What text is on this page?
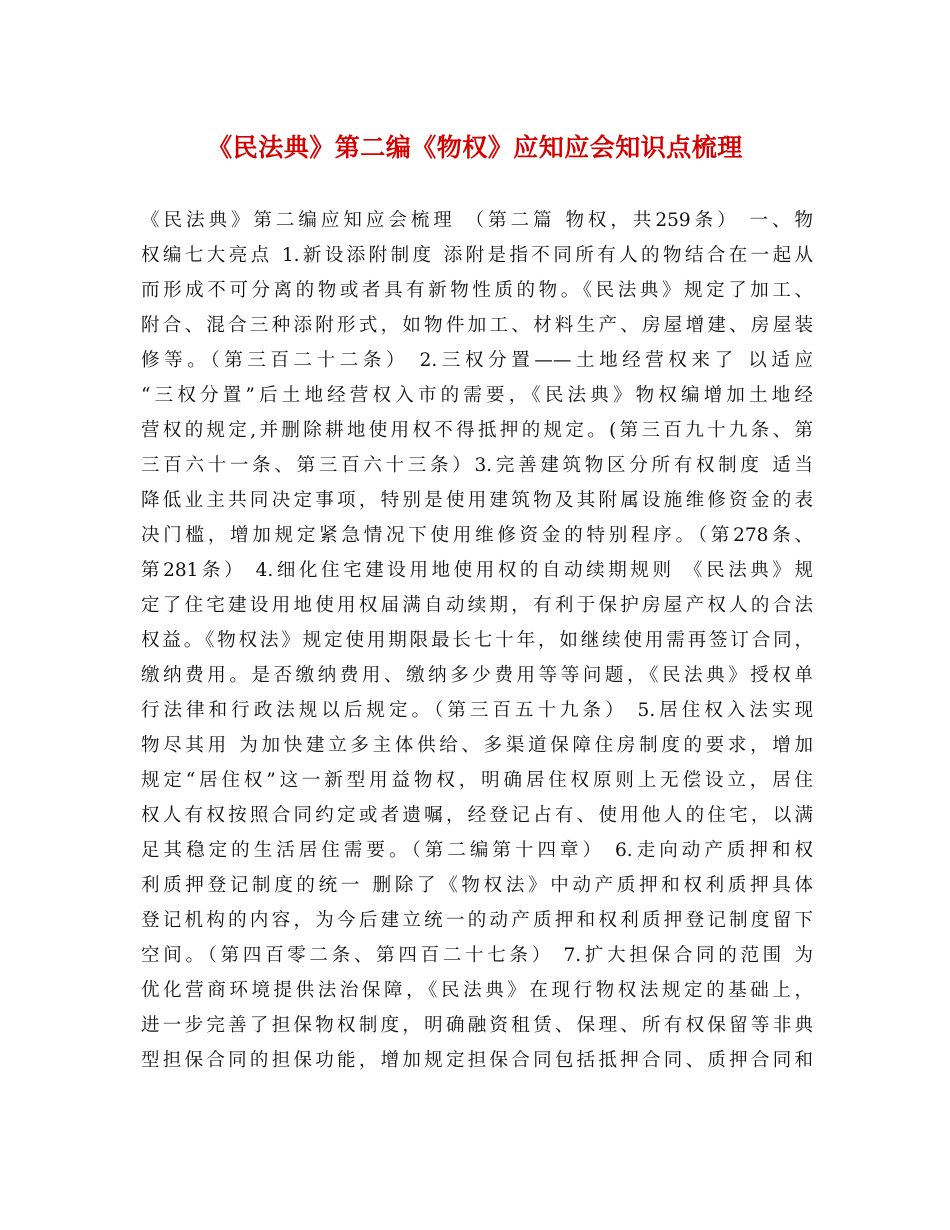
《民法典》第二编《物权》应知应会知识点梳理
《民法典》第二编应知应会梳理 （第二篇 物权，共259条） 一、物
权编七大亮点 1.新设添附制度 添附是指不同所有人的物结合在一起从
而形成不可分离的物或者具有新物性质的物。《民法典》规定了加工、
附合、混合三种添附形式，如物件加工、材料生产、房屋增建、房屋装
修等。（第三百二十二条） 2.三权分置——土地经营权来了 以适应
“三权分置”后土地经营权入市的需要，《民法典》物权编增加土地经
营权的规定,并删除耕地使用权不得抵押的规定。(第三百九十九条、第
三百六十一条、第三百六十三条）3.完善建筑物区分所有权制度 适当
降低业主共同决定事项，特别是使用建筑物及其附属设施维修资金的表
决门槛，增加规定紧急情况下使用维修资金的特别程序。（第278条、
第281条） 4.细化住宅建设用地使用权的自动续期规则 《民法典》规
定了住宅建设用地使用权届满自动续期，有利于保护房屋产权人的合法
权益。《物权法》规定使用期限最长七十年，如继续使用需再签订合同，
缴纳费用。是否缴纳费用、缴纳多少费用等等问题，《民法典》授权单
行法律和行政法规以后规定。（第三百五十九条） 5.居住权入法实现
物尽其用 为加快建立多主体供给、多渠道保障住房制度的要求，增加
规定“居住权”这一新型用益物权，明确居住权原则上无偿设立，居住
权人有权按照合同约定或者遗嘱，经登记占有、使用他人的住宅，以满
足其稳定的生活居住需要。（第二编第十四章） 6.走向动产质押和权
利质押登记制度的统一 删除了《物权法》中动产质押和权利质押具体
登记机构的内容，为今后建立统一的动产质押和权利质押登记制度留下
空间。（第四百零二条、第四百二十七条） 7.扩大担保合同的范围 为
优化营商环境提供法治保障，《民法典》在现行物权法规定的基础上，
进一步完善了担保物权制度，明确融资租赁、保理、所有权保留等非典
型担保合同的担保功能，增加规定担保合同包括抵押合同、质押合同和
